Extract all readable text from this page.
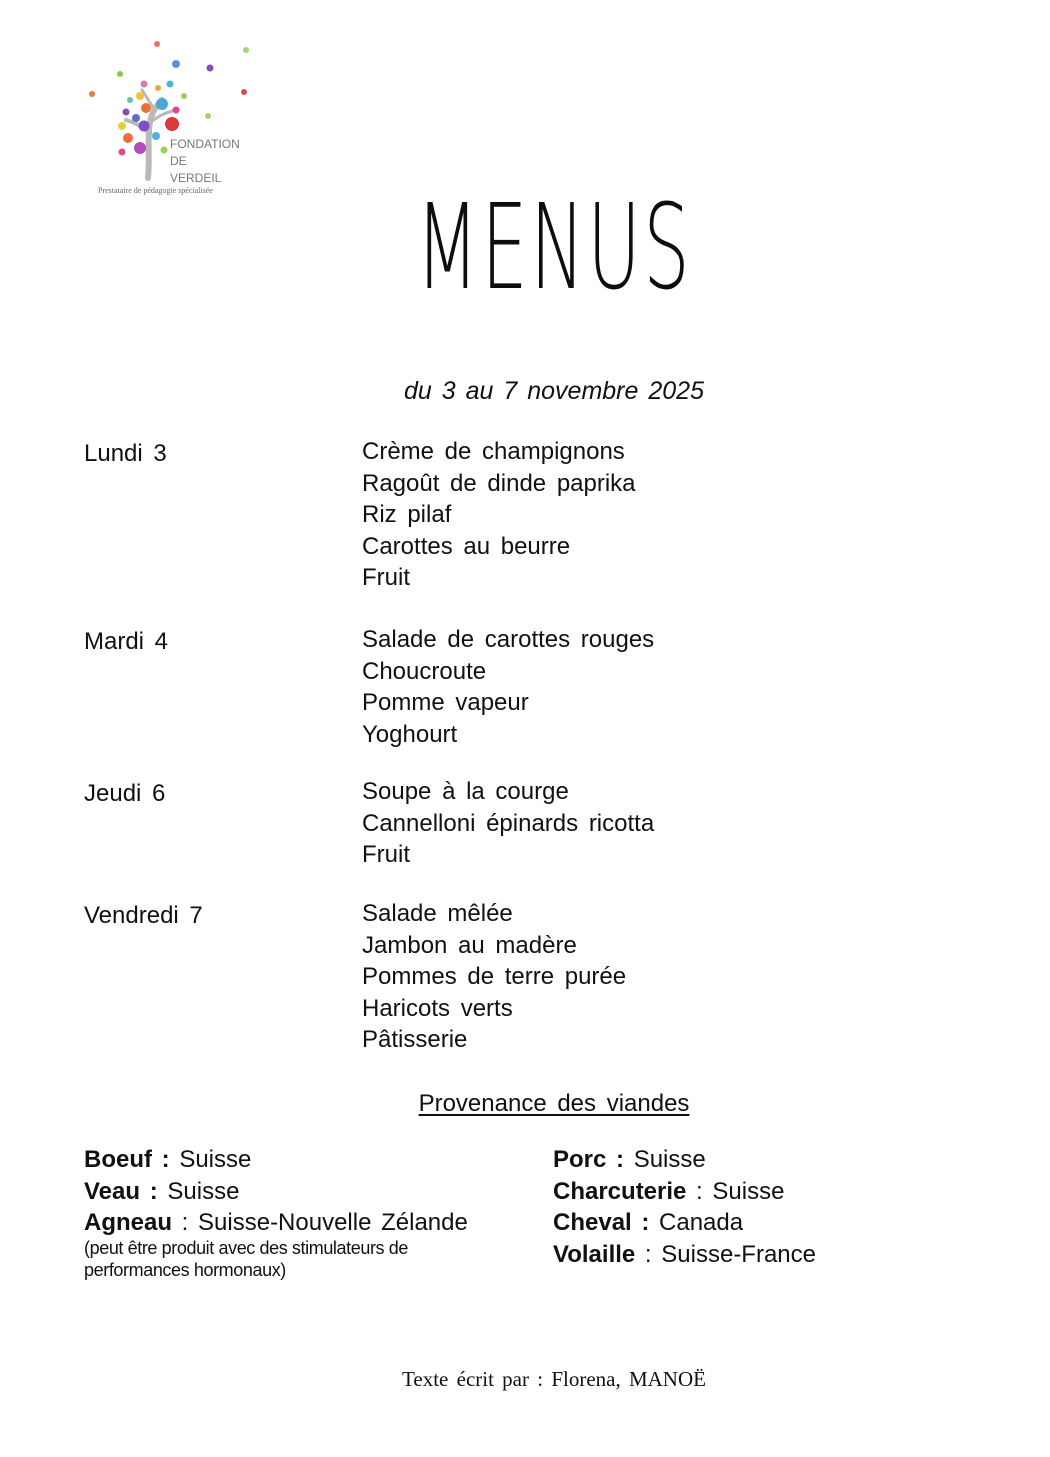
FONDATION
DE
VERDEIL
Prestataire de pédagogie spécialisée	MENUS
du 3 au 7 novembre 2025
Lundi 3	Crème de champignons
Ragoût de dinde paprika
Riz pilaf
Carottes au beurre
Fruit
Mardi 4	Salade de carottes rouges
Choucroute
Pomme vapeur
Yoghourt
Jeudi 6	Soupe à la courge
Cannelloni épinards ricotta
Fruit
Vendredi 7	Salade mêlée
Jambon au madère
Pommes de terre purée
Haricots verts
Pâtisserie
Provenance des viandes
Boeuf : Suisse
Veau : Suisse
Agneau : Suisse-Nouvelle Zélande
(peut être produit avec des stimulateurs de performances hormonaux)
Porc : Suisse
Charcuterie : Suisse
Cheval : Canada
Volaille : Suisse-France
Texte écrit par : Florena, MANOË
